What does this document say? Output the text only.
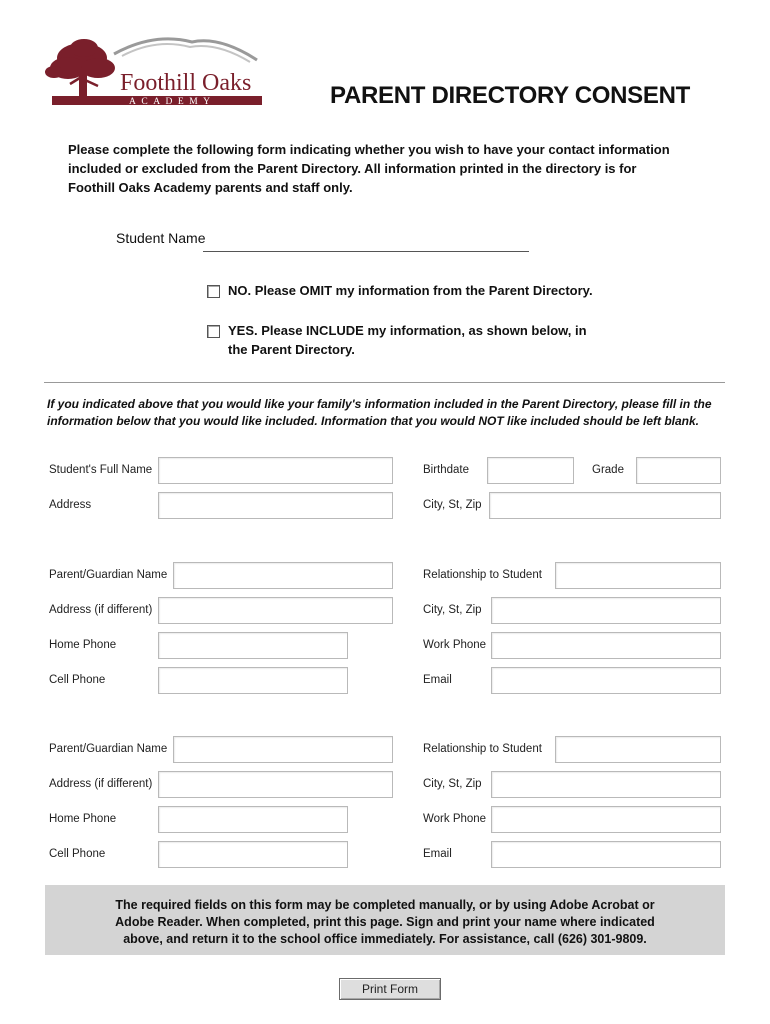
Foothill Oaks
ACADEMY	PARENT DIRECTORY CONSENT
Please complete the following form indicating whether you wish to have your contact information
included or excluded from the Parent Directory. All information printed in the directory is for
Foothill Oaks Academy parents and staff only.
Student Name
NO. Please OMIT my information from the Parent Directory.
YES. Please INCLUDE my information, as shown below, in
the Parent Directory.
If you indicated above that you would like your family's information included in the Parent Directory, please fill in the
information below that you would like included. Information that you would NOT like included should be left blank.
Student's Full Name	Birthdate	Grade
Address	City, St, Zip
Parent/Guardian Name	Relationship to Student
Address (if different)	City, St, Zip
Home Phone	Work Phone
Cell Phone	Email
Parent/Guardian Name	Relationship to Student
Address (if different)	City, St, Zip
Home Phone	Work Phone
Cell Phone	Email
The required fields on this form may be completed manually, or by using Adobe Acrobat or
Adobe Reader. When completed, print this page. Sign and print your name where indicated
above, and return it to the school office immediately. For assistance, call (626) 301-9809.
Print Form
